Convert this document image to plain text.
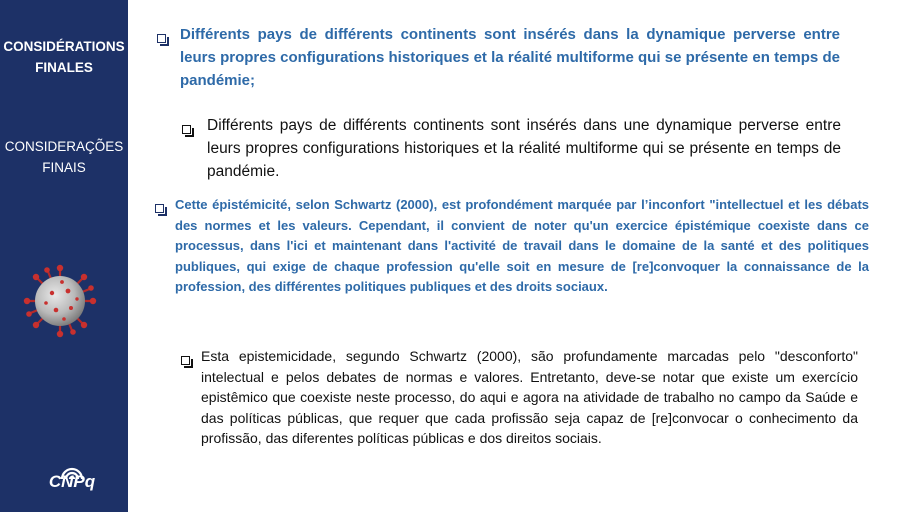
CONSIDÉRATIONS
FINALES
CONSIDERAÇÕES
FINAIS
CNPq
Différents pays de différents continents sont insérés dans la dynamique perverse entre leurs propres configurations historiques et la réalité multiforme qui se présente en temps de pandémie;
Différents pays de différents continents sont insérés dans une dynamique perverse entre leurs propres configurations historiques et la réalité multiforme qui se présente en temps de pandémie.
Cette épistémicité, selon Schwartz (2000), est profondément marquée par l’inconfort "intellectuel et les débats des normes et les valeurs. Cependant, il convient de noter qu'un exercice épistémique coexiste dans ce processus, dans l'ici et maintenant dans l'activité de travail dans le domaine de la santé et des politiques publiques, qui exige de chaque profession qu'elle soit en mesure de [re]convoquer la connaissance de la profession, des différentes politiques publiques et des droits sociaux.
Esta epistemicidade, segundo Schwartz (2000), são profundamente marcadas pelo "desconforto" intelectual e pelos debates de normas e valores. Entretanto, deve-se notar que existe um exercício epistêmico que coexiste neste processo, do aqui e agora na atividade de trabalho no campo da Saúde e das políticas públicas, que requer que cada profissão seja capaz de [re]convocar o conhecimento da profissão, das diferentes políticas públicas e dos direitos sociais.
